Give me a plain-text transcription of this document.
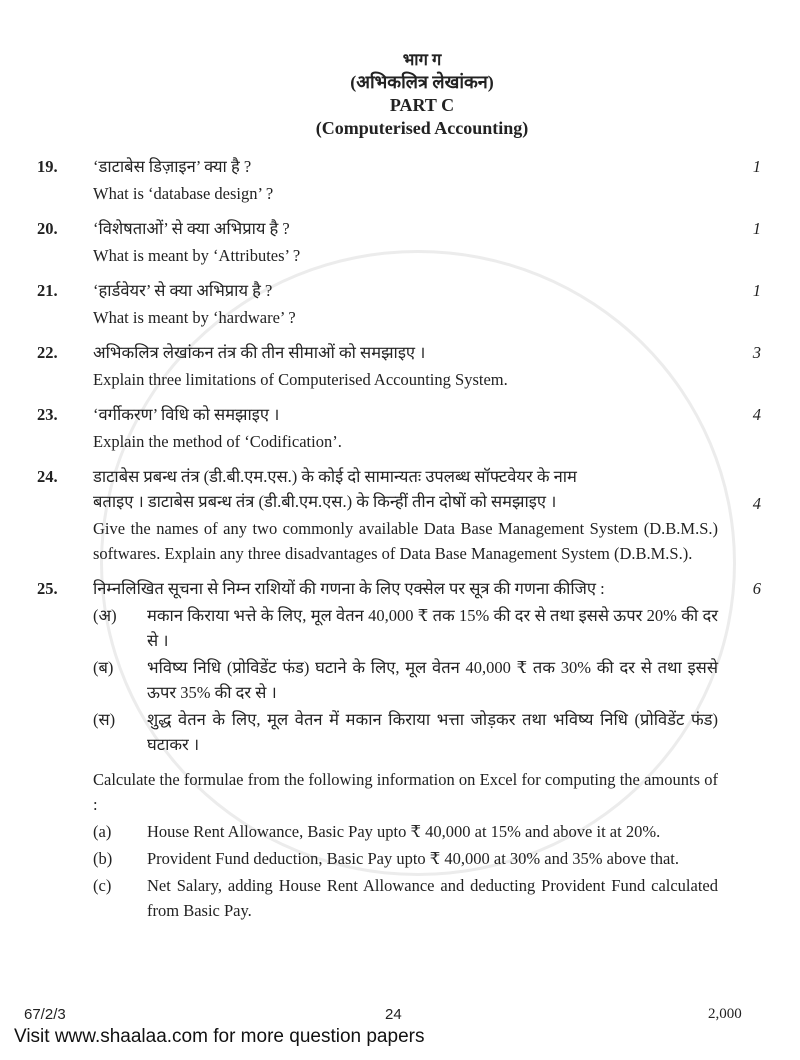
भाग ग
(अभिकलित्र लेखांकन)
PART C
(Computerised Accounting)
19.	‘डाटाबेस डिज़ाइन’ क्या है ?
What is ‘database design’ ?
1
20.	‘विशेषताओं’ से क्या अभिप्राय है ?
What is meant by ‘Attributes’ ?
1
21.	‘हार्डवेयर’ से क्या अभिप्राय है ?
What is meant by ‘hardware’ ?
1
22.	अभिकलित्र लेखांकन तंत्र की तीन सीमाओं को समझाइए ।
Explain three limitations of Computerised Accounting System.
3
23.	‘वर्गीकरण’ विधि को समझाइए ।
Explain the method of ‘Codification’.
4
24.	डाटाबेस प्रबन्ध तंत्र (डी.बी.एम.एस.) के कोई दो सामान्यतः उपलब्ध सॉफ्टवेयर के नाम
बताइए । डाटाबेस प्रबन्ध तंत्र (डी.बी.एम.एस.) के किन्हीं तीन दोषों को समझाइए ।
Give the names of any two commonly available Data Base Management System (D.B.M.S.) softwares. Explain any three disadvantages of Data Base Management System (D.B.M.S.).
4
25.	निम्नलिखित सूचना से निम्न राशियों की गणना के लिए एक्सेल पर सूत्र की गणना कीजिए :
(अ)	मकान किराया भत्ते के लिए, मूल वेतन 40,000 ₹ तक 15% की दर से तथा इससे ऊपर 20% की दर से ।
(ब)	भविष्य निधि (प्रोविडेंट फंड) घटाने के लिए, मूल वेतन 40,000 ₹ तक 30% की दर से तथा इससे ऊपर 35% की दर से ।
(स)	शुद्ध वेतन के लिए, मूल वेतन में मकान किराया भत्ता जोड़कर तथा भविष्य निधि (प्रोविडेंट फंड) घटाकर ।
Calculate the formulae from the following information on Excel for computing the amounts of :
(a)	House Rent Allowance, Basic Pay upto ₹ 40,000 at 15% and above it at 20%.
(b)	Provident Fund deduction, Basic Pay upto ₹ 40,000 at 30% and 35% above that.
(c)	Net Salary, adding House Rent Allowance and deducting Provident Fund calculated from Basic Pay.
6
67/2/3	24	2,000
Visit www.shaalaa.com for more question papers
